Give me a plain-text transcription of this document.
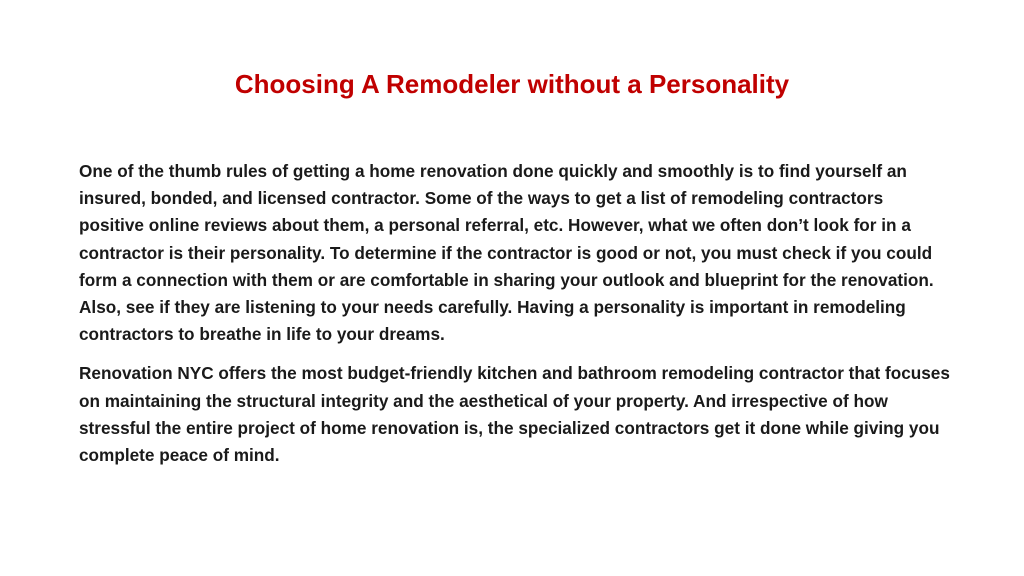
Choosing A Remodeler without a Personality

One of the thumb rules of getting a home renovation done quickly and smoothly is to find yourself an insured, bonded, and licensed contractor. Some of the ways to get a list of remodeling contractors positive online reviews about them, a personal referral, etc. However, what we often don’t look for in a contractor is their personality. To determine if the contractor is good or not, you must check if you could form a connection with them or are comfortable in sharing your outlook and blueprint for the renovation. Also, see if they are listening to your needs carefully. Having a personality is important in remodeling contractors to breathe in life to your dreams.

Renovation NYC offers the most budget-friendly kitchen and bathroom remodeling contractor that focuses on maintaining the structural integrity and the aesthetical of your property. And irrespective of how stressful the entire project of home renovation is, the specialized contractors get it done while giving you complete peace of mind.
